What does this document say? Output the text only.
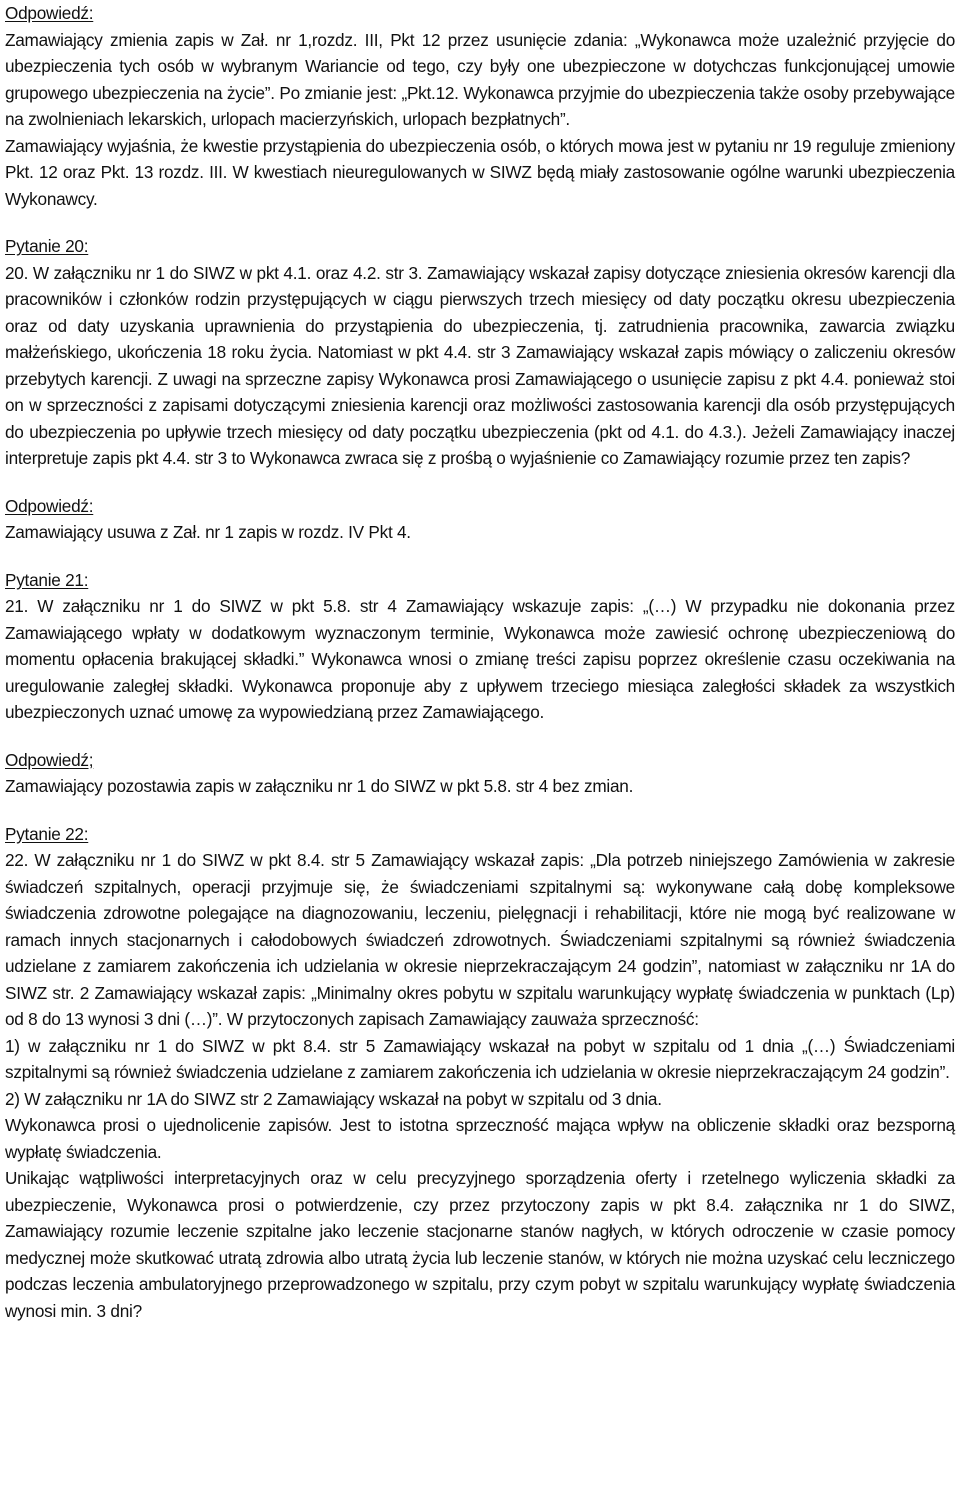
Odpowiedź:

Zamawiający zmienia zapis w Zał. nr 1,rozdz. III, Pkt 12 przez usunięcie zdania: „Wykonawca może uzależnić przyjęcie do ubezpieczenia tych osób w wybranym Wariancie od tego, czy były one ubezpieczone w dotychczas funkcjonującej umowie grupowego ubezpieczenia na życie”. Po zmianie jest: „Pkt.12. Wykonawca przyjmie do ubezpieczenia także osoby przebywające na zwolnieniach lekarskich, urlopach macierzyńskich, urlopach bezpłatnych”.

Zamawiający wyjaśnia, że kwestie przystąpienia do ubezpieczenia osób, o których mowa jest w pytaniu nr 19 reguluje zmieniony Pkt. 12 oraz Pkt. 13 rozdz. III. W kwestiach nieuregulowanych w SIWZ będą miały zastosowanie ogólne warunki ubezpieczenia Wykonawcy.

Pytanie 20:

20. W załączniku nr 1 do SIWZ w pkt 4.1. oraz 4.2. str 3. Zamawiający wskazał zapisy dotyczące zniesienia okresów karencji dla pracowników i członków rodzin przystępujących w ciągu pierwszych trzech miesięcy od daty początku okresu ubezpieczenia oraz od daty uzyskania uprawnienia do przystąpienia do ubezpieczenia, tj. zatrudnienia pracownika, zawarcia związku małżeńskiego, ukończenia 18 roku życia. Natomiast w pkt 4.4. str 3 Zamawiający wskazał zapis mówiący o zaliczeniu okresów przebytych karencji. Z uwagi na sprzeczne zapisy Wykonawca prosi Zamawiającego o usunięcie zapisu z pkt 4.4. ponieważ stoi on w sprzeczności z zapisami dotyczącymi zniesienia karencji oraz możliwości zastosowania karencji dla osób przystępujących do ubezpieczenia po upływie trzech miesięcy od daty początku ubezpieczenia (pkt od 4.1. do 4.3.). Jeżeli Zamawiający inaczej interpretuje zapis pkt 4.4. str 3 to Wykonawca zwraca się z prośbą o wyjaśnienie co Zamawiający rozumie przez ten zapis?

Odpowiedź:

Zamawiający usuwa z Zał. nr 1 zapis w rozdz. IV Pkt 4.

Pytanie 21:

21. W załączniku nr 1 do SIWZ w pkt 5.8. str 4 Zamawiający wskazuje zapis: „(…) W przypadku nie dokonania przez Zamawiającego wpłaty w dodatkowym wyznaczonym terminie, Wykonawca może zawiesić ochronę ubezpieczeniową do momentu opłacenia brakującej składki.” Wykonawca wnosi o zmianę treści zapisu poprzez określenie czasu oczekiwania na uregulowanie zaległej składki. Wykonawca proponuje aby z upływem trzeciego miesiąca zaległości składek za wszystkich ubezpieczonych uznać umowę za wypowiedzianą przez Zamawiającego.

Odpowiedź;

Zamawiający pozostawia zapis w załączniku nr 1 do SIWZ w pkt 5.8. str 4 bez zmian.

Pytanie 22:

22. W załączniku nr 1 do SIWZ w pkt 8.4. str 5 Zamawiający wskazał zapis: „Dla potrzeb niniejszego Zamówienia w zakresie świadczeń szpitalnych, operacji przyjmuje się, że świadczeniami szpitalnymi są: wykonywane całą dobę kompleksowe świadczenia zdrowotne polegające na diagnozowaniu, leczeniu, pielęgnacji i rehabilitacji, które nie mogą być realizowane w ramach innych stacjonarnych i całodobowych świadczeń zdrowotnych. Świadczeniami szpitalnymi są również świadczenia udzielane z zamiarem zakończenia ich udzielania w okresie nieprzekraczającym 24 godzin”, natomiast w załączniku nr 1A do SIWZ str. 2 Zamawiający wskazał zapis: „Minimalny okres pobytu w szpitalu warunkujący wypłatę świadczenia w punktach (Lp) od 8 do 13 wynosi 3 dni (…)”. W przytoczonych zapisach Zamawiający zauważa sprzeczność:

1) w załączniku nr 1 do SIWZ w pkt 8.4. str 5 Zamawiający wskazał na pobyt w szpitalu od 1 dnia „(…) Świadczeniami szpitalnymi są również świadczenia udzielane z zamiarem zakończenia ich udzielania w okresie nieprzekraczającym 24 godzin”.

2) W załączniku nr 1A do SIWZ str 2 Zamawiający wskazał na pobyt w szpitalu od 3 dnia.

Wykonawca prosi o ujednolicenie zapisów. Jest to istotna sprzeczność mająca wpływ na obliczenie składki oraz bezsporną wypłatę świadczenia.

Unikając wątpliwości interpretacyjnych oraz w celu precyzyjnego sporządzenia oferty i rzetelnego wyliczenia składki za ubezpieczenie, Wykonawca prosi o potwierdzenie, czy przez przytoczony zapis w pkt 8.4. załącznika nr 1 do SIWZ, Zamawiający rozumie leczenie szpitalne jako leczenie stacjonarne stanów nagłych, w których odroczenie w czasie pomocy medycznej może skutkować utratą zdrowia albo utratą życia lub leczenie stanów, w których nie można uzyskać celu leczniczego podczas leczenia ambulatoryjnego przeprowadzonego w szpitalu, przy czym pobyt w szpitalu warunkujący wypłatę świadczenia wynosi min. 3 dni?
